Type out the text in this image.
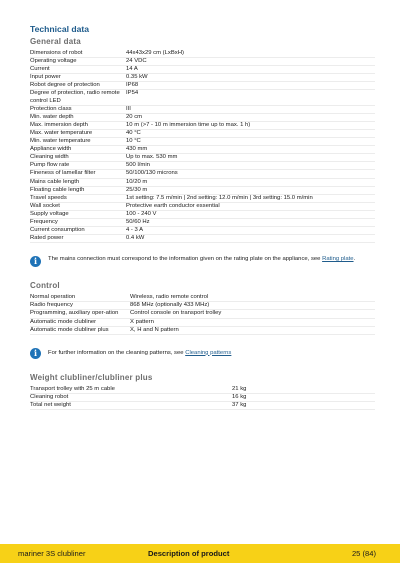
Technical data
General data
Dimensions of robot	44x43x29 cm (LxBxH)
Operating voltage	24 VDC
Current	14 A
Input power	0.35 kW
Robot degree of protection	IP68
Degree of protection, radio remote control LED	IP54
Protection class	III
Min. water depth	20 cm
Max. immersion depth	10 m (>7 - 10 m immersion time up to max. 1 h)
Max. water temperature	40 °C
Min. water temperature	10 °C
Appliance width	430 mm
Cleaning width	Up to max. 530 mm
Pump flow rate	500 l/min
Fineness of lamellar filter	50/100/130 microns
Mains cable length	10/20 m
Floating cable length	25/30 m
Travel speeds	1st setting: 7.5 m/min | 2nd setting: 12.0 m/min | 3rd setting: 15.0 m/min
Wall socket	Protective earth conductor essential
Supply voltage	100 - 240 V
Frequency	50/60 Hz
Current consumption	4 - 3 A
Rated power	0.4 kW
i	The mains connection must correspond to the information given on the rating plate on the appliance, see Rating plate.
Control
Normal operation	Wireless, radio remote control
Radio frequency	868 MHz (optionally 433 MHz)
Programming, auxiliary oper-ation	Control console on transport trolley
Automatic mode clubliner	X pattern
Automatic mode clubliner plus	X, H and N pattern
i	For further information on the cleaning patterns, see Cleaning patterns
Weight clubliner/clubliner plus
Transport trolley with 25 m cable	21 kg
Cleaning robot	16 kg
Total net weight	37 kg
mariner 3S clubliner	Description of product	25 (84)
